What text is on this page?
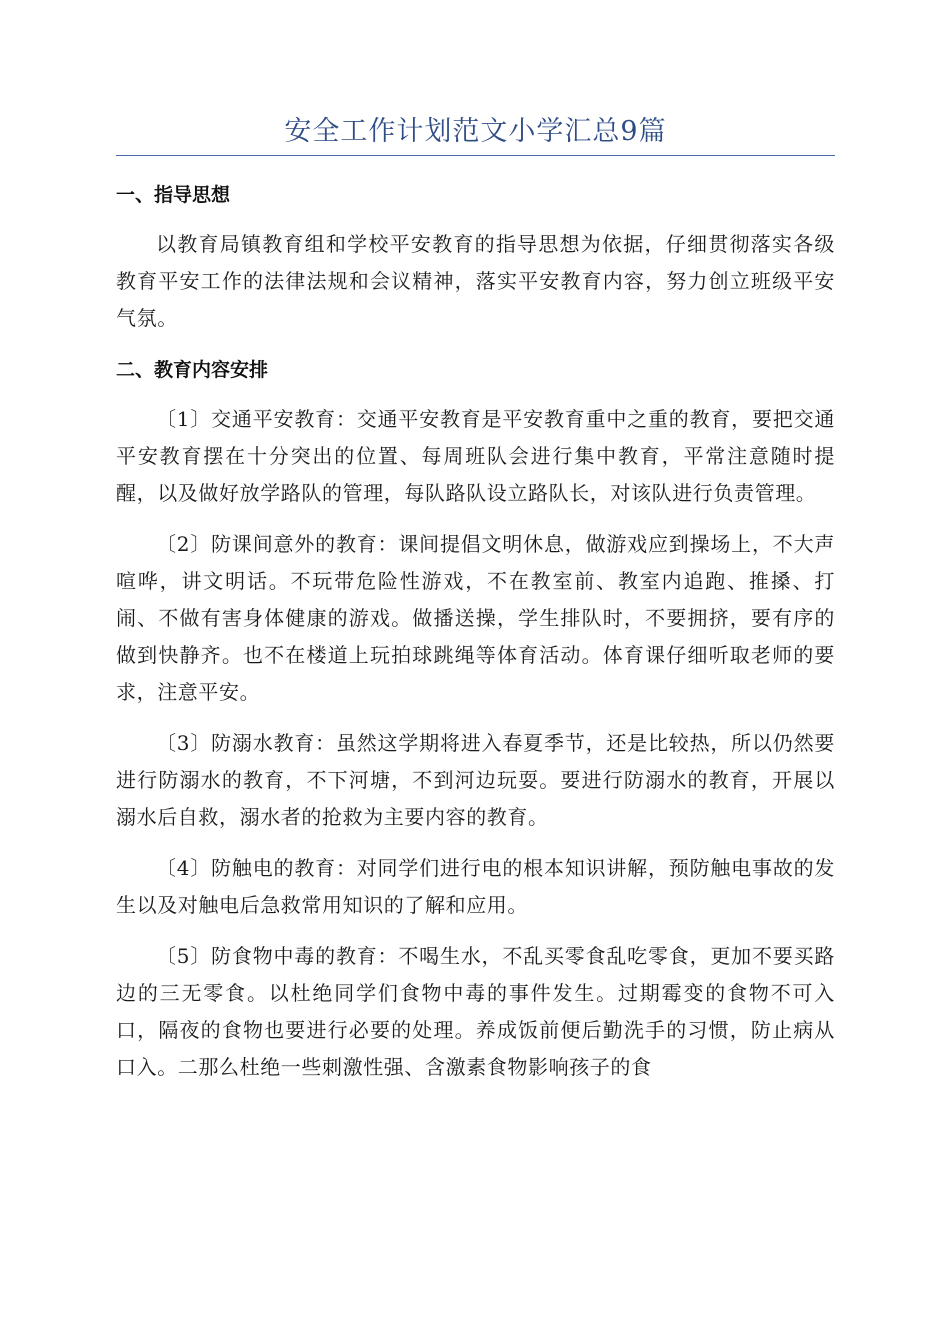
安全工作计划范文小学汇总9篇
一、指导思想

以教育局镇教育组和学校平安教育的指导思想为依据，仔细贯彻落实各级教育平安工作的法律法规和会议精神，落实平安教育内容，努力创立班级平安气氛。

二、教育内容安排

〔1〕交通平安教育：交通平安教育是平安教育重中之重的教育，要把交通平安教育摆在十分突出的位置、每周班队会进行集中教育，平常注意随时提醒，以及做好放学路队的管理，每队路队设立路队长，对该队进行负责管理。

〔2〕防课间意外的教育：课间提倡文明休息，做游戏应到操场上，不大声喧哗，讲文明话。不玩带危险性游戏，不在教室前、教室内追跑、推搡、打闹、不做有害身体健康的游戏。做播送操，学生排队时，不要拥挤，要有序的做到快静齐。也不在楼道上玩拍球跳绳等体育活动。体育课仔细听取老师的要求，注意平安。

〔3〕防溺水教育：虽然这学期将进入春夏季节，还是比较热，所以仍然要进行防溺水的教育，不下河塘，不到河边玩耍。要进行防溺水的教育，开展以溺水后自救，溺水者的抢救为主要内容的教育。

〔4〕防触电的教育：对同学们进行电的根本知识讲解，预防触电事故的发生以及对触电后急救常用知识的了解和应用。

〔5〕防食物中毒的教育：不喝生水，不乱买零食乱吃零食，更加不要买路边的三无零食。以杜绝同学们食物中毒的事件发生。过期霉变的食物不可入口，隔夜的食物也要进行必要的处理。养成饭前便后勤洗手的习惯，防止病从口入。二那么杜绝一些刺激性强、含激素食物影响孩子的食
